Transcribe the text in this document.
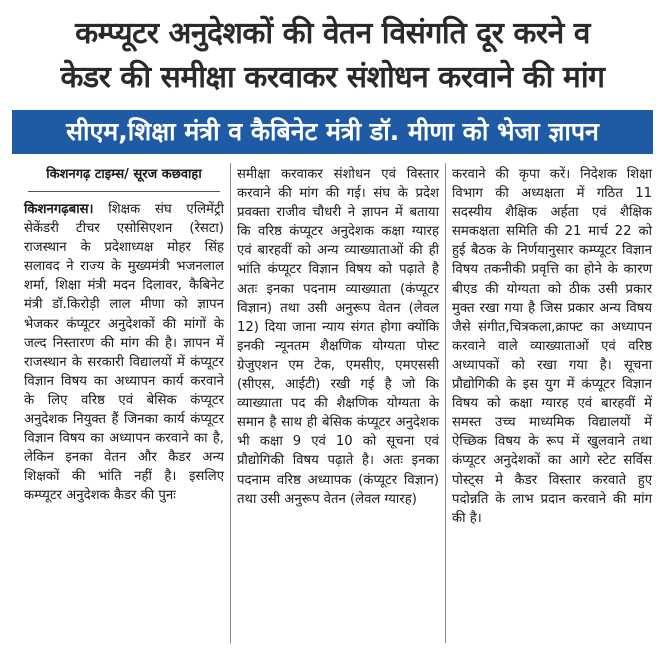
कम्प्यूटर अनुदेशकों की वेतन विसंगति दूर करने व
केडर की समीक्षा करवाकर संशोधन करवाने की मांग
सीएम,शिक्षा मंत्री व कैबिनेट मंत्री डॉ. मीणा को भेजा ज्ञापन
किशनगढ़ टाइम्स/ सूरज कछवाहा
किशनगढ़बास। शिक्षक संघ एलिमेंट्री सेकेंडरी टीचर एसोसिएशन (रेसटा) राजस्थान के प्रदेशाध्यक्ष मोहर सिंह सलावद ने राज्य के मुख्यमंत्री भजनलाल शर्मा, शिक्षा मंत्री मदन दिलावर, कैबिनेट मंत्री डॉ.किरोड़ी लाल मीणा को ज्ञापन भेजकर कंप्यूटर अनुदेशकों की मांगों के जल्द निस्तारण की मांग की है। ज्ञापन में राजस्थान के सरकारी विद्यालयों में कंप्यूटर विज्ञान विषय का अध्यापन कार्य करवाने के लिए वरिष्ठ एवं बेसिक कंप्यूटर अनुदेशक नियुक्त हैं जिनका कार्य कंप्यूटर विज्ञान विषय का अध्यापन करवाने का है, लेकिन इनका वेतन और कैडर अन्य शिक्षकों की भांति नहीं है। इसलिए कम्प्यूटर अनुदेशक कैडर की पुनः
समीक्षा करवाकर संशोधन एवं विस्तार करवाने की मांग की गई। संघ के प्रदेश प्रवक्ता राजीव चौधरी ने ज्ञापन में बताया कि वरिष्ठ कंप्यूटर अनुदेशक कक्षा ग्यारह एवं बारहवीं को अन्य व्याख्याताओं की ही भांति कंप्यूटर विज्ञान विषय को पढ़ाते है अतः इनका पदनाम व्याख्याता (कंप्यूटर विज्ञान) तथा उसी अनुरूप वेतन (लेवल 12) दिया जाना न्याय संगत होगा क्योंकि इनकी न्यूनतम शैक्षणिक योग्यता पोस्ट ग्रेजुएशन एम टेक, एमसीए, एमएससी (सीएस, आईटी) रखी गई है जो कि व्याख्याता पद की शैक्षणिक योग्यता के समान है साथ ही बेसिक कंप्यूटर अनुदेशक भी कक्षा 9 एवं 10 को सूचना एवं प्रौद्योगिकी विषय पढ़ाते है। अतः इनका पदनाम वरिष्ठ अध्यापक (कंप्यूटर विज्ञान) तथा उसी अनुरूप वेतन (लेवल ग्यारह)
करवाने की कृपा करें। निदेशक शिक्षा विभाग की अध्यक्षता में गठित 11 सदस्यीय शैक्षिक अर्हता एवं शैक्षिक समकक्षता समिति की 21 मार्च 22 को हुई बैठक के निर्णयानुसार कम्प्यूटर विज्ञान विषय तकनीकी प्रवृत्ति का होने के कारण बीएड की योग्यता को ठीक उसी प्रकार मुक्त रखा गया है जिस प्रकार अन्य विषय जैसे संगीत,चित्रकला,क्राफ्ट का अध्यापन करवाने वाले व्याख्याताओं एवं वरिष्ठ अध्यापकों को रखा गया है। सूचना प्रौद्योगिकी के इस युग में कंप्यूटर विज्ञान विषय को कक्षा ग्यारह एवं बारहवीं में समस्त उच्च माध्यमिक विद्यालयों में ऐच्छिक विषय के रूप में खुलवाने तथा कंप्यूटर अनुदेशकों का आगे स्टेट सर्विस पोस्ट्स मे कैडर विस्तार करवाते हुए पदोन्नति के लाभ प्रदान करवाने की मांग की है।
